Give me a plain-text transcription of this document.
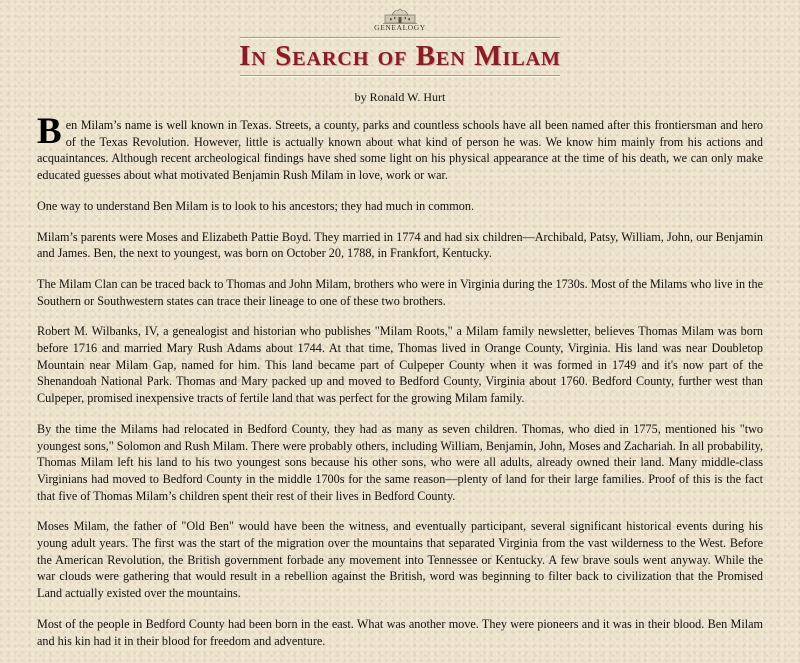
GENEALOGY
In Search of Ben Milam
by Ronald W. Hurt

Ben Milam’s name is well known in Texas. Streets, a county, parks and countless schools have all been named after this frontiersman and hero of the Texas Revolution. However, little is actually known about what kind of person he was. We know him mainly from his actions and acquaintances. Although recent archeological findings have shed some light on his physical appearance at the time of his death, we can only make educated guesses about what motivated Benjamin Rush Milam in love, work or war.

One way to understand Ben Milam is to look to his ancestors; they had much in common.

Milam’s parents were Moses and Elizabeth Pattie Boyd. They married in 1774 and had six children—Archibald, Patsy, William, John, our Benjamin and James. Ben, the next to youngest, was born on October 20, 1788, in Frankfort, Kentucky.

The Milam Clan can be traced back to Thomas and John Milam, brothers who were in Virginia during the 1730s. Most of the Milams who live in the Southern or Southwestern states can trace their lineage to one of these two brothers.

Robert M. Wilbanks, IV, a genealogist and historian who publishes "Milam Roots," a Milam family newsletter, believes Thomas Milam was born before 1716 and married Mary Rush Adams about 1744. At that time, Thomas lived in Orange County, Virginia. His land was near Doubletop Mountain near Milam Gap, named for him. This land became part of Culpeper County when it was formed in 1749 and it's now part of the Shenandoah National Park. Thomas and Mary packed up and moved to Bedford County, Virginia about 1760. Bedford County, further west than Culpeper, promised inexpensive tracts of fertile land that was perfect for the growing Milam family.

By the time the Milams had relocated in Bedford County, they had as many as seven children. Thomas, who died in 1775, mentioned his "two youngest sons," Solomon and Rush Milam. There were probably others, including William, Benjamin, John, Moses and Zachariah. In all probability, Thomas Milam left his land to his two youngest sons because his other sons, who were all adults, already owned their land. Many middle-class Virginians had moved to Bedford County in the middle 1700s for the same reason—plenty of land for their large families. Proof of this is the fact that five of Thomas Milam’s children spent their rest of their lives in Bedford County.

Moses Milam, the father of "Old Ben" would have been the witness, and eventually participant, several significant historical events during his young adult years. The first was the start of the migration over the mountains that separated Virginia from the vast wilderness to the West. Before the American Revolution, the British government forbade any movement into Tennessee or Kentucky. A few brave souls went anyway. While the war clouds were gathering that would result in a rebellion against the British, word was beginning to filter back to civilization that the Promised Land actually existed over the mountains.

Most of the people in Bedford County had been born in the east. What was another move. They were pioneers and it was in their blood. Ben Milam and his kin had it in their blood for freedom and adventure.
